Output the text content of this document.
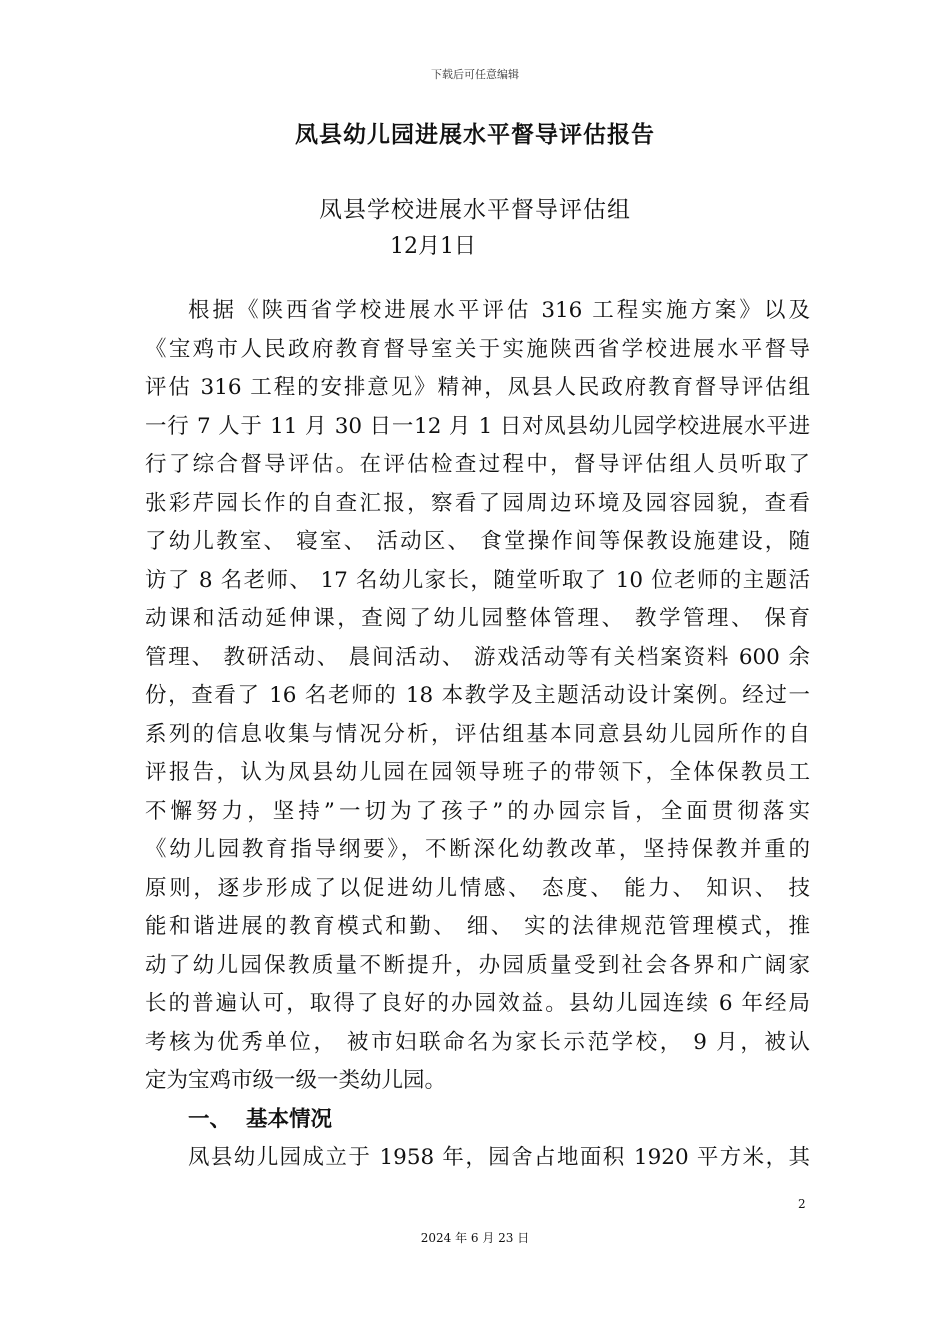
下载后可任意编辑
凤县幼儿园进展水平督导评估报告
凤县学校进展水平督导评估组
12月1日
根据《陕西省学校进展水平评估 316 工程实施方案》以及
《宝鸡市人民政府教育督导室关于实施陕西省学校进展水平督导
评估 316 工程的安排意见》精神，凤县人民政府教育督导评估组
一行 7 人于 11 月 30 日一12 月 1 日对凤县幼儿园学校进展水平进
行了综合督导评估。在评估检查过程中，督导评估组人员听取了
张彩芹园长作的自查汇报，察看了园周边环境及园容园貌，查看
了幼儿教室、 寝室、 活动区、 食堂操作间等保教设施建设，随
访了 8 名老师、 17 名幼儿家长，随堂听取了 10 位老师的主题活
动课和活动延伸课，查阅了幼儿园整体管理、 教学管理、 保育
管理、 教研活动、 晨间活动、 游戏活动等有关档案资料 600 余
份，查看了 16 名老师的 18 本教学及主题活动设计案例。经过一
系列的信息收集与情况分析，评估组基本同意县幼儿园所作的自
评报告，认为凤县幼儿园在园领导班子的带领下，全体保教员工
不懈努力，坚持”一切为了孩子”的办园宗旨，全面贯彻落实
《幼儿园教育指导纲要》，不断深化幼教改革，坚持保教并重的
原则，逐步形成了以促进幼儿情感、 态度、 能力、 知识、 技
能和谐进展的教育模式和勤、 细、 实的法律规范管理模式，推
动了幼儿园保教质量不断提升，办园质量受到社会各界和广阔家
长的普遍认可，取得了良好的办园效益。县幼儿园连续 6 年经局
考核为优秀单位， 被市妇联命名为家长示范学校， 9 月，被认
定为宝鸡市级一级一类幼儿园。
一、  基本情况
凤县幼儿园成立于 1958 年，园舍占地面积 1920 平方米，其
2
2024 年 6 月 23 日
